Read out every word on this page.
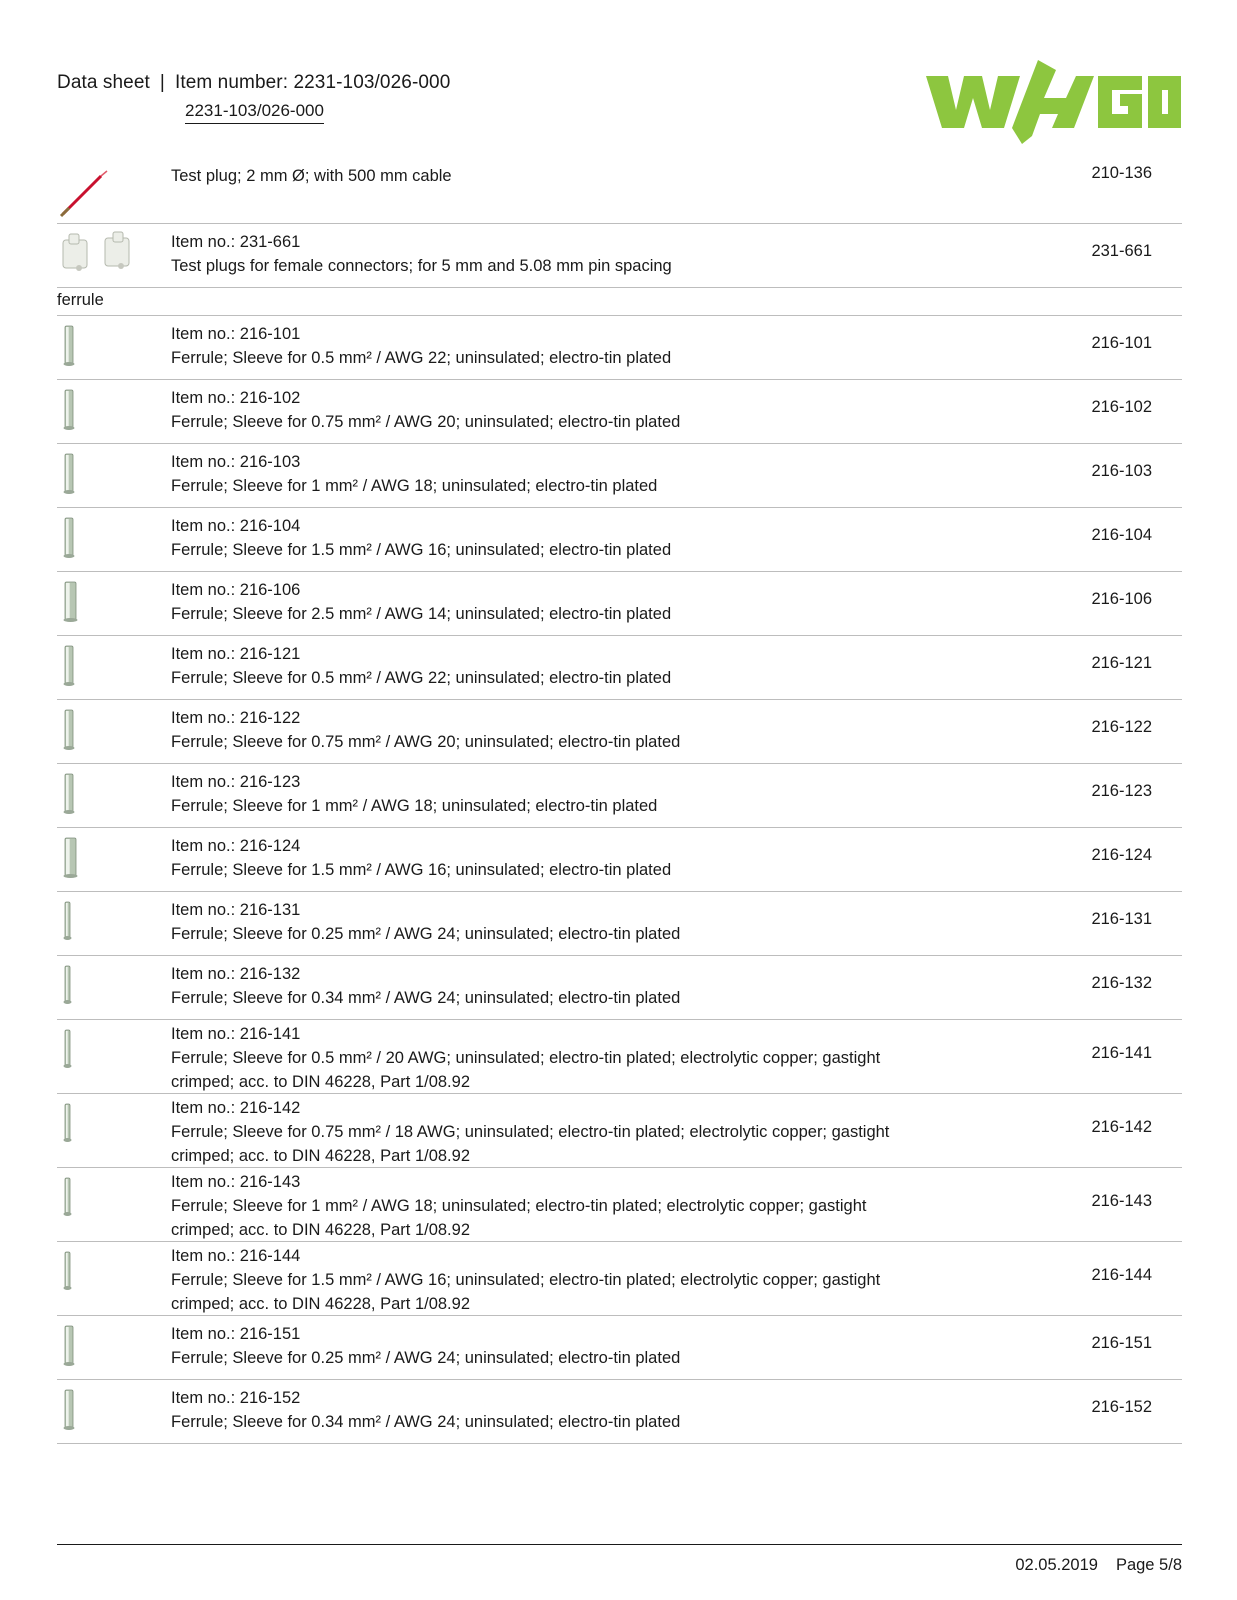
Data sheet | Item number: 2231-103/026-000
2231-103/026-000
Test plug; 2 mm Ø; with 500 mm cable	210-136
Item no.: 231-661
Test plugs for female connectors; for 5 mm and 5.08 mm pin spacing
231-661
ferrule
Item no.: 216-101
Ferrule; Sleeve for 0.5 mm² / AWG 22; uninsulated; electro-tin plated
216-101
Item no.: 216-102
Ferrule; Sleeve for 0.75 mm² / AWG 20; uninsulated; electro-tin plated
216-102
Item no.: 216-103
Ferrule; Sleeve for 1 mm² / AWG 18; uninsulated; electro-tin plated
216-103
Item no.: 216-104
Ferrule; Sleeve for 1.5 mm² / AWG 16; uninsulated; electro-tin plated
216-104
Item no.: 216-106
Ferrule; Sleeve for 2.5 mm² / AWG 14; uninsulated; electro-tin plated
216-106
Item no.: 216-121
Ferrule; Sleeve for 0.5 mm² / AWG 22; uninsulated; electro-tin plated
216-121
Item no.: 216-122
Ferrule; Sleeve for 0.75 mm² / AWG 20; uninsulated; electro-tin plated
216-122
Item no.: 216-123
Ferrule; Sleeve for 1 mm² / AWG 18; uninsulated; electro-tin plated
216-123
Item no.: 216-124
Ferrule; Sleeve for 1.5 mm² / AWG 16; uninsulated; electro-tin plated
216-124
Item no.: 216-131
Ferrule; Sleeve for 0.25 mm² / AWG 24; uninsulated; electro-tin plated
216-131
Item no.: 216-132
Ferrule; Sleeve for 0.34 mm² / AWG 24; uninsulated; electro-tin plated
216-132
Item no.: 216-141
Ferrule; Sleeve for 0.5 mm² / 20 AWG; uninsulated; electro-tin plated; electrolytic copper; gastight crimped; acc. to DIN 46228, Part 1/08.92
216-141
Item no.: 216-142
Ferrule; Sleeve for 0.75 mm² / 18 AWG; uninsulated; electro-tin plated; electrolytic copper; gastight crimped; acc. to DIN 46228, Part 1/08.92
216-142
Item no.: 216-143
Ferrule; Sleeve for 1 mm² / AWG 18; uninsulated; electro-tin plated; electrolytic copper; gastight crimped; acc. to DIN 46228, Part 1/08.92
216-143
Item no.: 216-144
Ferrule; Sleeve for 1.5 mm² / AWG 16; uninsulated; electro-tin plated; electrolytic copper; gastight crimped; acc. to DIN 46228, Part 1/08.92
216-144
Item no.: 216-151
Ferrule; Sleeve for 0.25 mm² / AWG 24; uninsulated; electro-tin plated
216-151
Item no.: 216-152
Ferrule; Sleeve for 0.34 mm² / AWG 24; uninsulated; electro-tin plated
216-152
02.05.2019 Page 5/8
